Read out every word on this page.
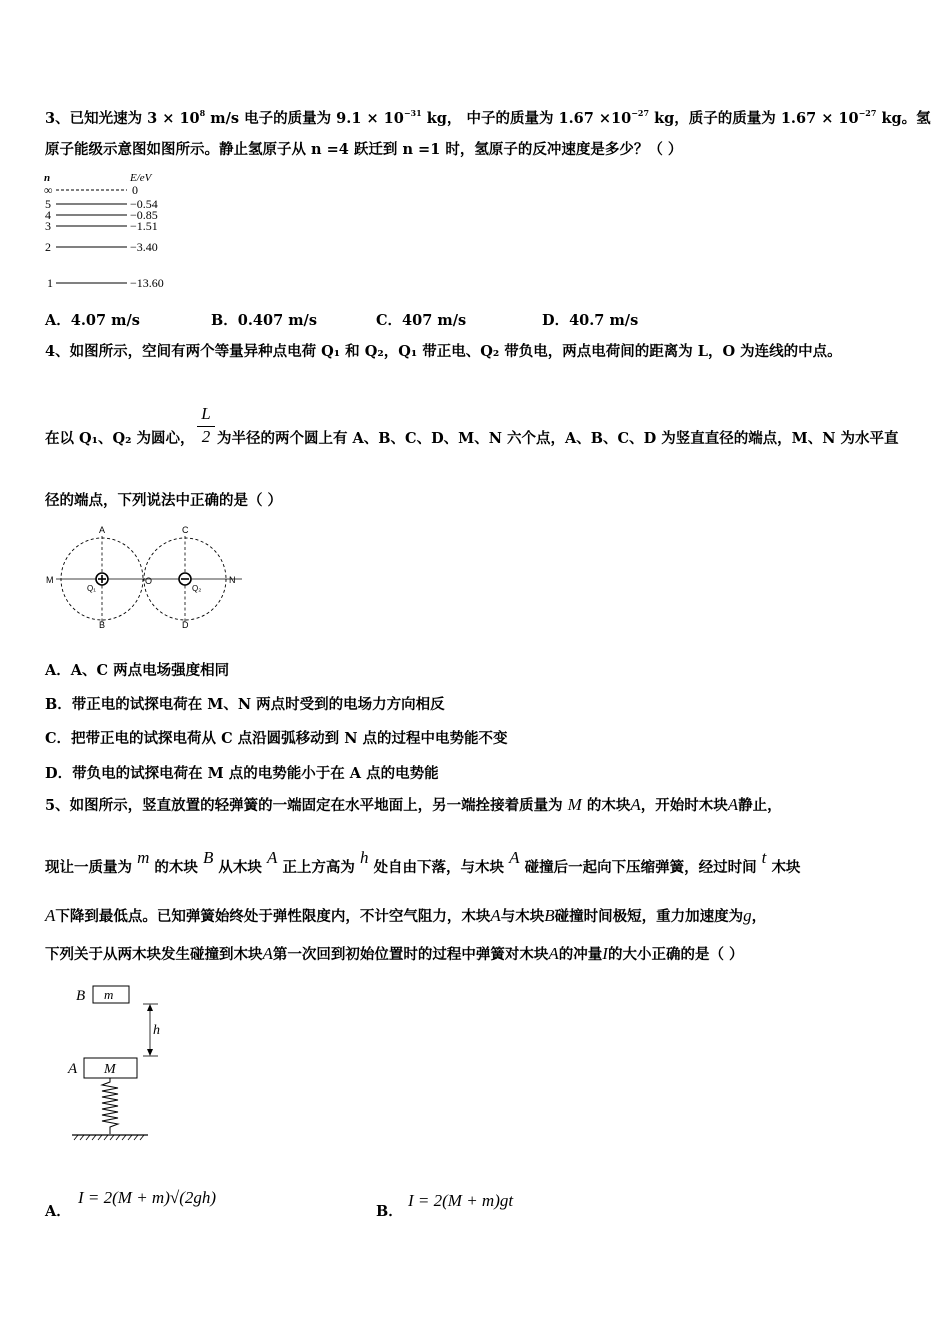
3、已知光速为 $3 \times 10^8$ m/s 电子的质量为 $9.1 \times 10^{-31}$ kg， 中子的质量为 $1.67 \times 10^{-27}$ kg，质子的质量为 $1.67 \times 10^{-27}$ kg。氢
原子能级示意图如图所示。静止氢原子从 n =4 跃迁到 n =1 时，氢原子的反冲速度是多少？（ ）
n	E/eV
∞	0
5	−0.54
4	−0.85
3	−1.51
2	−3.40
1	−13.60
A．4.07 m/s	B．0.407 m/s	C．407 m/s	D．40.7 m/s
4、如图所示，空间有两个等量异种点电荷 Q₁ 和 Q₂，Q₁ 带正电、Q₂ 带负电，两点电荷间的距离为 L，O 为连线的中点。
在以 Q₁、Q₂ 为圆心， $\frac{L}{2}$ 为半径的两个圆上有 A、B、C、D、M、N 六个点，A、B、C、D 为竖直直径的端点，M、N 为水平直
径的端点，下列说法中正确的是（ ）
A
B
C
D
M	N
O
Q₁	Q₂
A．A、C 两点电场强度相同
B．带正电的试探电荷在 M、N 两点时受到的电场力方向相反
C．把带正电的试探电荷从 C 点沿圆弧移动到 N 点的过程中电势能不变
D．带负电的试探电荷在 M 点的电势能小于在 A 点的电势能
5、如图所示，竖直放置的轻弹簧的一端固定在水平地面上，另一端拴接着质量为 M 的木块A，开始时木块A静止，
现让一质量为 m 的木块 B 从木块 A 正上方高为 h 处自由下落，与木块 A 碰撞后一起向下压缩弹簧，经过时间 t 木块
A下降到最低点。已知弹簧始终处于弹性限度内，不计空气阻力，木块A与木块B碰撞时间极短，重力加速度为g，
下列关于从两木块发生碰撞到木块A第一次回到初始位置时的过程中弹簧对木块A的冲量I的大小正确的是（ ）
B m
h
A M
A．
I = 2(M + m)√(2gh)
B．
I = 2(M + m)gt
